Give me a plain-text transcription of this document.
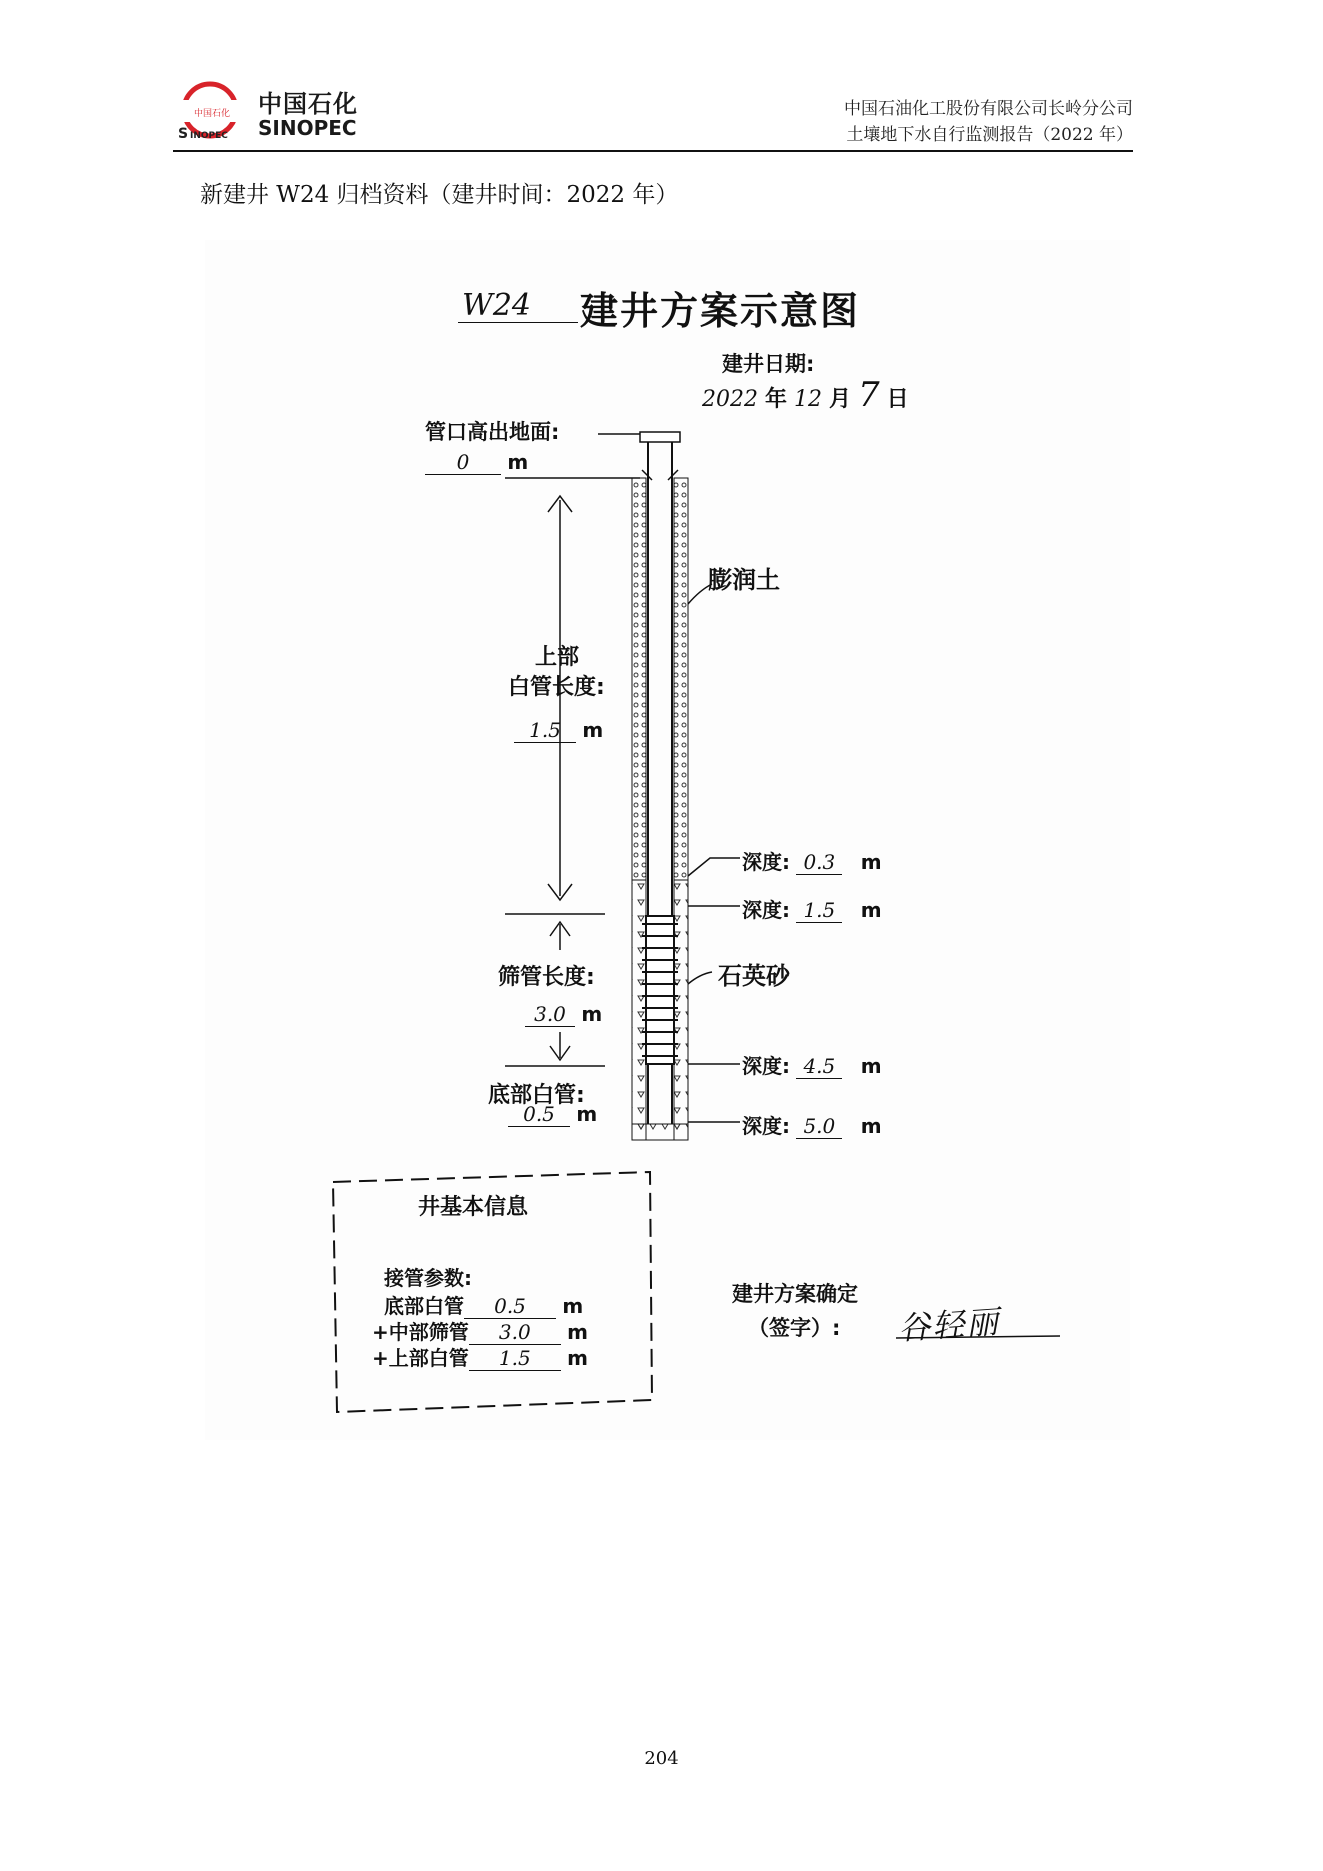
中国石化
S INOPEC
中国石化
SINOPEC
中国石油化工股份有限公司长岭分公司
土壤地下水自行监测报告（2022 年）
新建井 W24 归档资料（建井时间：2022 年）
W24 建井方案示意图
建井日期:
2022 年 12 月 7 日
管口高出地面:
0 m
上部
白管长度:
1.5 m
筛管长度:
3.0 m
底部白管:
0.5 m
膨润土
石英砂
深度: 0.3 m
深度: 1.5 m
深度: 4.5 m
深度: 5.0 m
井基本信息
接管参数:
底部白管 0.5 m
+中部筛管 3.0 m
+上部白管 1.5 m
建井方案确定
（签字）: 谷轻丽
204
